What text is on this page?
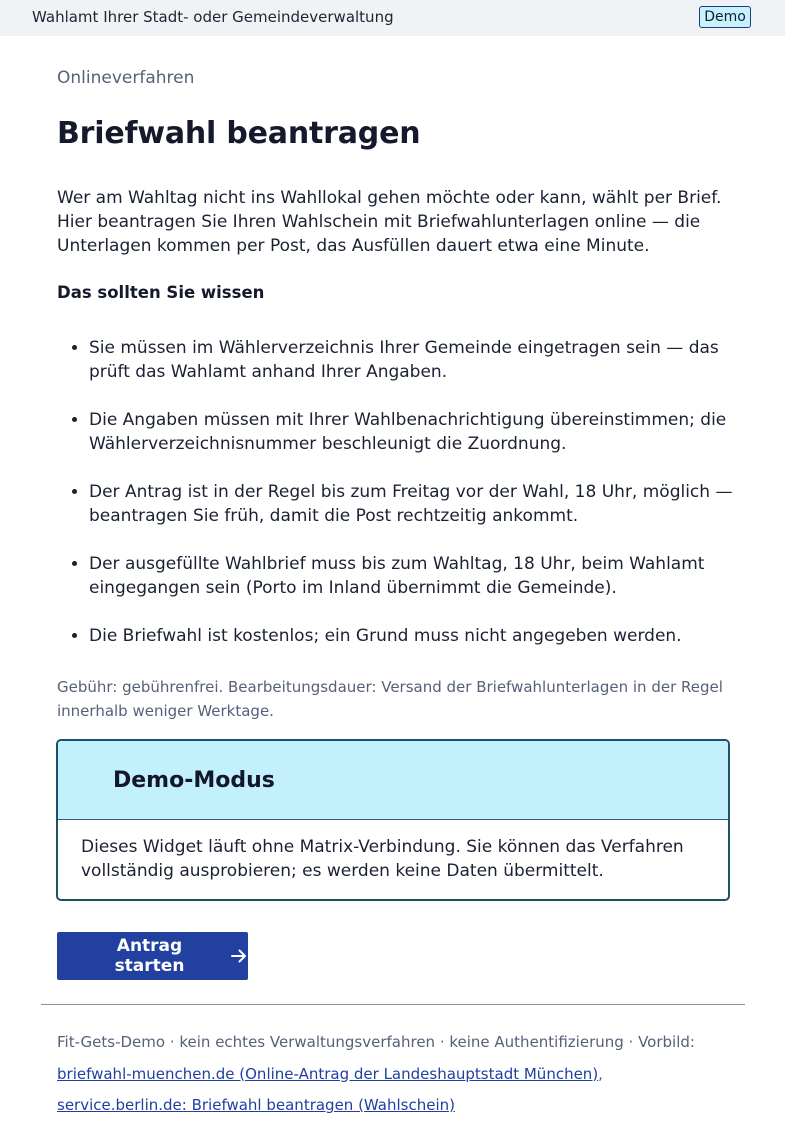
Wahlamt Ihrer Stadt- oder Gemeindeverwaltung	Demo
Onlineverfahren
Briefwahl beantragen

Wer am Wahltag nicht ins Wahllokal gehen möchte oder kann, wählt per Brief. Hier beantragen Sie Ihren Wahlschein mit Briefwahlunterlagen online — die Unterlagen kommen per Post, das Ausfüllen dauert etwa eine Minute.

Das sollten Sie wissen
• Sie müssen im Wählerverzeichnis Ihrer Gemeinde eingetragen sein — das prüft das Wahlamt anhand Ihrer Angaben.
• Die Angaben müssen mit Ihrer Wahlbenachrichtigung übereinstimmen; die Wählerverzeichnisnummer beschleunigt die Zuordnung.
• Der Antrag ist in der Regel bis zum Freitag vor der Wahl, 18 Uhr, möglich — beantragen Sie früh, damit die Post rechtzeitig ankommt.
• Der ausgefüllte Wahlbrief muss bis zum Wahltag, 18 Uhr, beim Wahlamt eingegangen sein (Porto im Inland übernimmt die Gemeinde).
• Die Briefwahl ist kostenlos; ein Grund muss nicht angegeben werden.

Gebühr: gebührenfrei. Bearbeitungsdauer: Versand der Briefwahlunterlagen in der Regel innerhalb weniger Werktage.

Demo-Modus

Dieses Widget läuft ohne Matrix-Verbindung. Sie können das Verfahren vollständig ausprobieren; es werden keine Daten übermittelt.

Antrag starten
Fit-Gets-Demo · kein echtes Verwaltungsverfahren · keine Authentifizierung · Vorbild:
briefwahl-muenchen.de (Online-Antrag der Landeshauptstadt München),
service.berlin.de: Briefwahl beantragen (Wahlschein)
